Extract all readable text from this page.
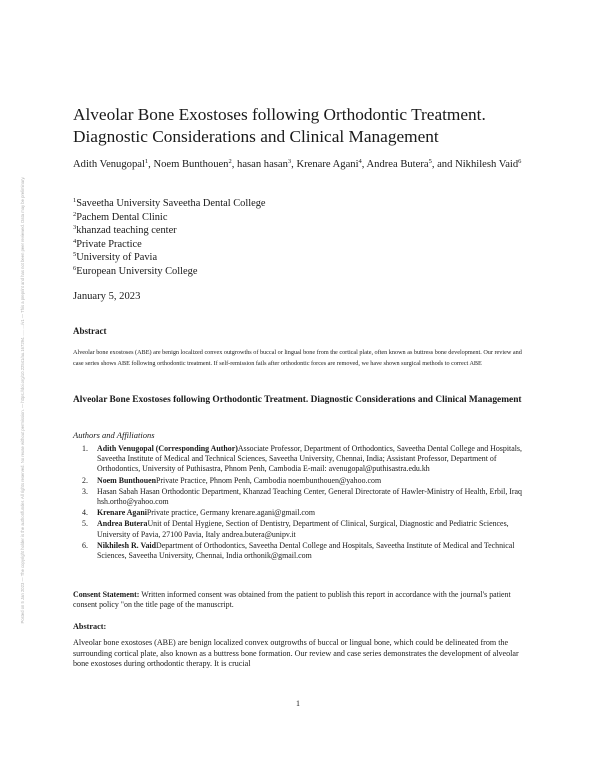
Posted on 5 Jan 2023 — The copyright holder is the author/funder. All rights reserved. No reuse without permission. — https://doi.org/10.22541/au.167294.........../v1 — This a preprint and has not been peer reviewed. Data may be preliminary.
Alveolar Bone Exostoses following Orthodontic Treatment. Diagnostic Considerations and Clinical Management
Adith Venugopal$^1$, Noem Bunthouen$^2$, hasan hasan$^3$, Krenare Agani$^4$, Andrea Butera$^5$, and Nikhilesh Vaid$^6$
$^1$Saveetha University Saveetha Dental College
$^2$Pachem Dental Clinic
$^3$khanzad teaching center
$^4$Private Practice
$^5$University of Pavia
$^6$European University College
January 5, 2023
Abstract
Alveolar bone exostoses (ABE) are benign localized convex outgrowths of buccal or lingual bone from the cortical plate, often known as buttress bone development. Our review and case series shows ABE following orthodontic treatment. If self-remission fails after orthodontic forces are removed, we have shown surgical methods to correct ABE
Alveolar Bone Exostoses following Orthodontic Treatment. Diagnostic Considerations and Clinical Management
Authors and Affiliations
1. Adith Venugopal (Corresponding Author)Associate Professor, Department of Orthodontics, Saveetha Dental College and Hospitals, Saveetha Institute of Medical and Technical Sciences, Saveetha University, Chennai, India; Assistant Professor, Department of Orthodontics, University of Puthisastra, Phnom Penh, Cambodia E-mail: avenugopal@puthisastra.edu.kh
2. Noem BunthouenPrivate Practice, Phnom Penh, Cambodia noembunthouen@yahoo.com
3. Hasan Sabah Hasan Orthodontic Department, Khanzad Teaching Center, General Directorate of Hawler-Ministry of Health, Erbil, Iraq hsh.ortho@yahoo.com
4. Krenare AganiPrivate practice, Germany krenare.agani@gmail.com
5. Andrea ButeraUnit of Dental Hygiene, Section of Dentistry, Department of Clinical, Surgical, Diagnostic and Pediatric Sciences, University of Pavia, 27100 Pavia, Italy andrea.butera@unipv.it
6. Nikhilesh R. VaidDepartment of Orthodontics, Saveetha Dental College and Hospitals, Saveetha Institute of Medical and Technical Sciences, Saveetha University, Chennai, India orthonik@gmail.com
Consent Statement: Written informed consent was obtained from the patient to publish this report in accordance with the journal's patient consent policy "on the title page of the manuscript.
Abstract:
Alveolar bone exostoses (ABE) are benign localized convex outgrowths of buccal or lingual bone, which could be delineated from the surrounding cortical plate, also known as a buttress bone formation. Our review and case series demonstrates the development of alveolar bone exostoses during orthodontic therapy. It is crucial
1
